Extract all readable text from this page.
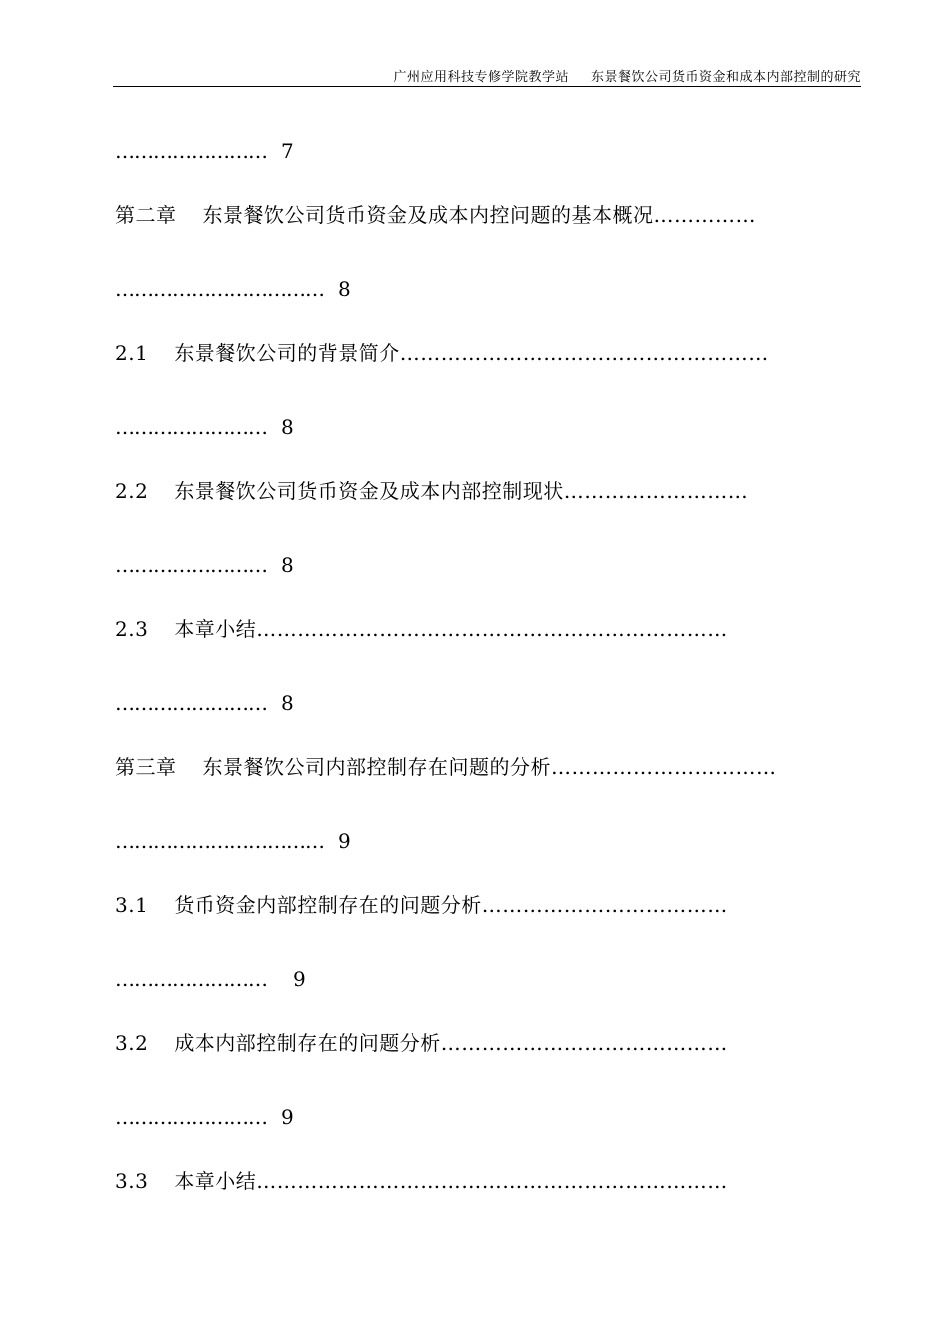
广州应用科技专修学院教学站 东景餐饮公司货币资金和成本内部控制的研究
…………………… 7
第二章 东景餐饮公司货币资金及成本内控问题的基本概况……………
…………………………… 8
2.1 东景餐饮公司的背景简介………………………………………………
…………………… 8
2.2 东景餐饮公司货币资金及成本内部控制现状………………………
…………………… 8
2.3 本章小结……………………………………………………………
…………………… 8
第三章 东景餐饮公司内部控制存在问题的分析……………………………
…………………………… 9
3.1 货币资金内部控制存在的问题分析………………………………
…………………… 9
3.2 成本内部控制存在的问题分析……………………………………
…………………… 9
3.3 本章小结……………………………………………………………
